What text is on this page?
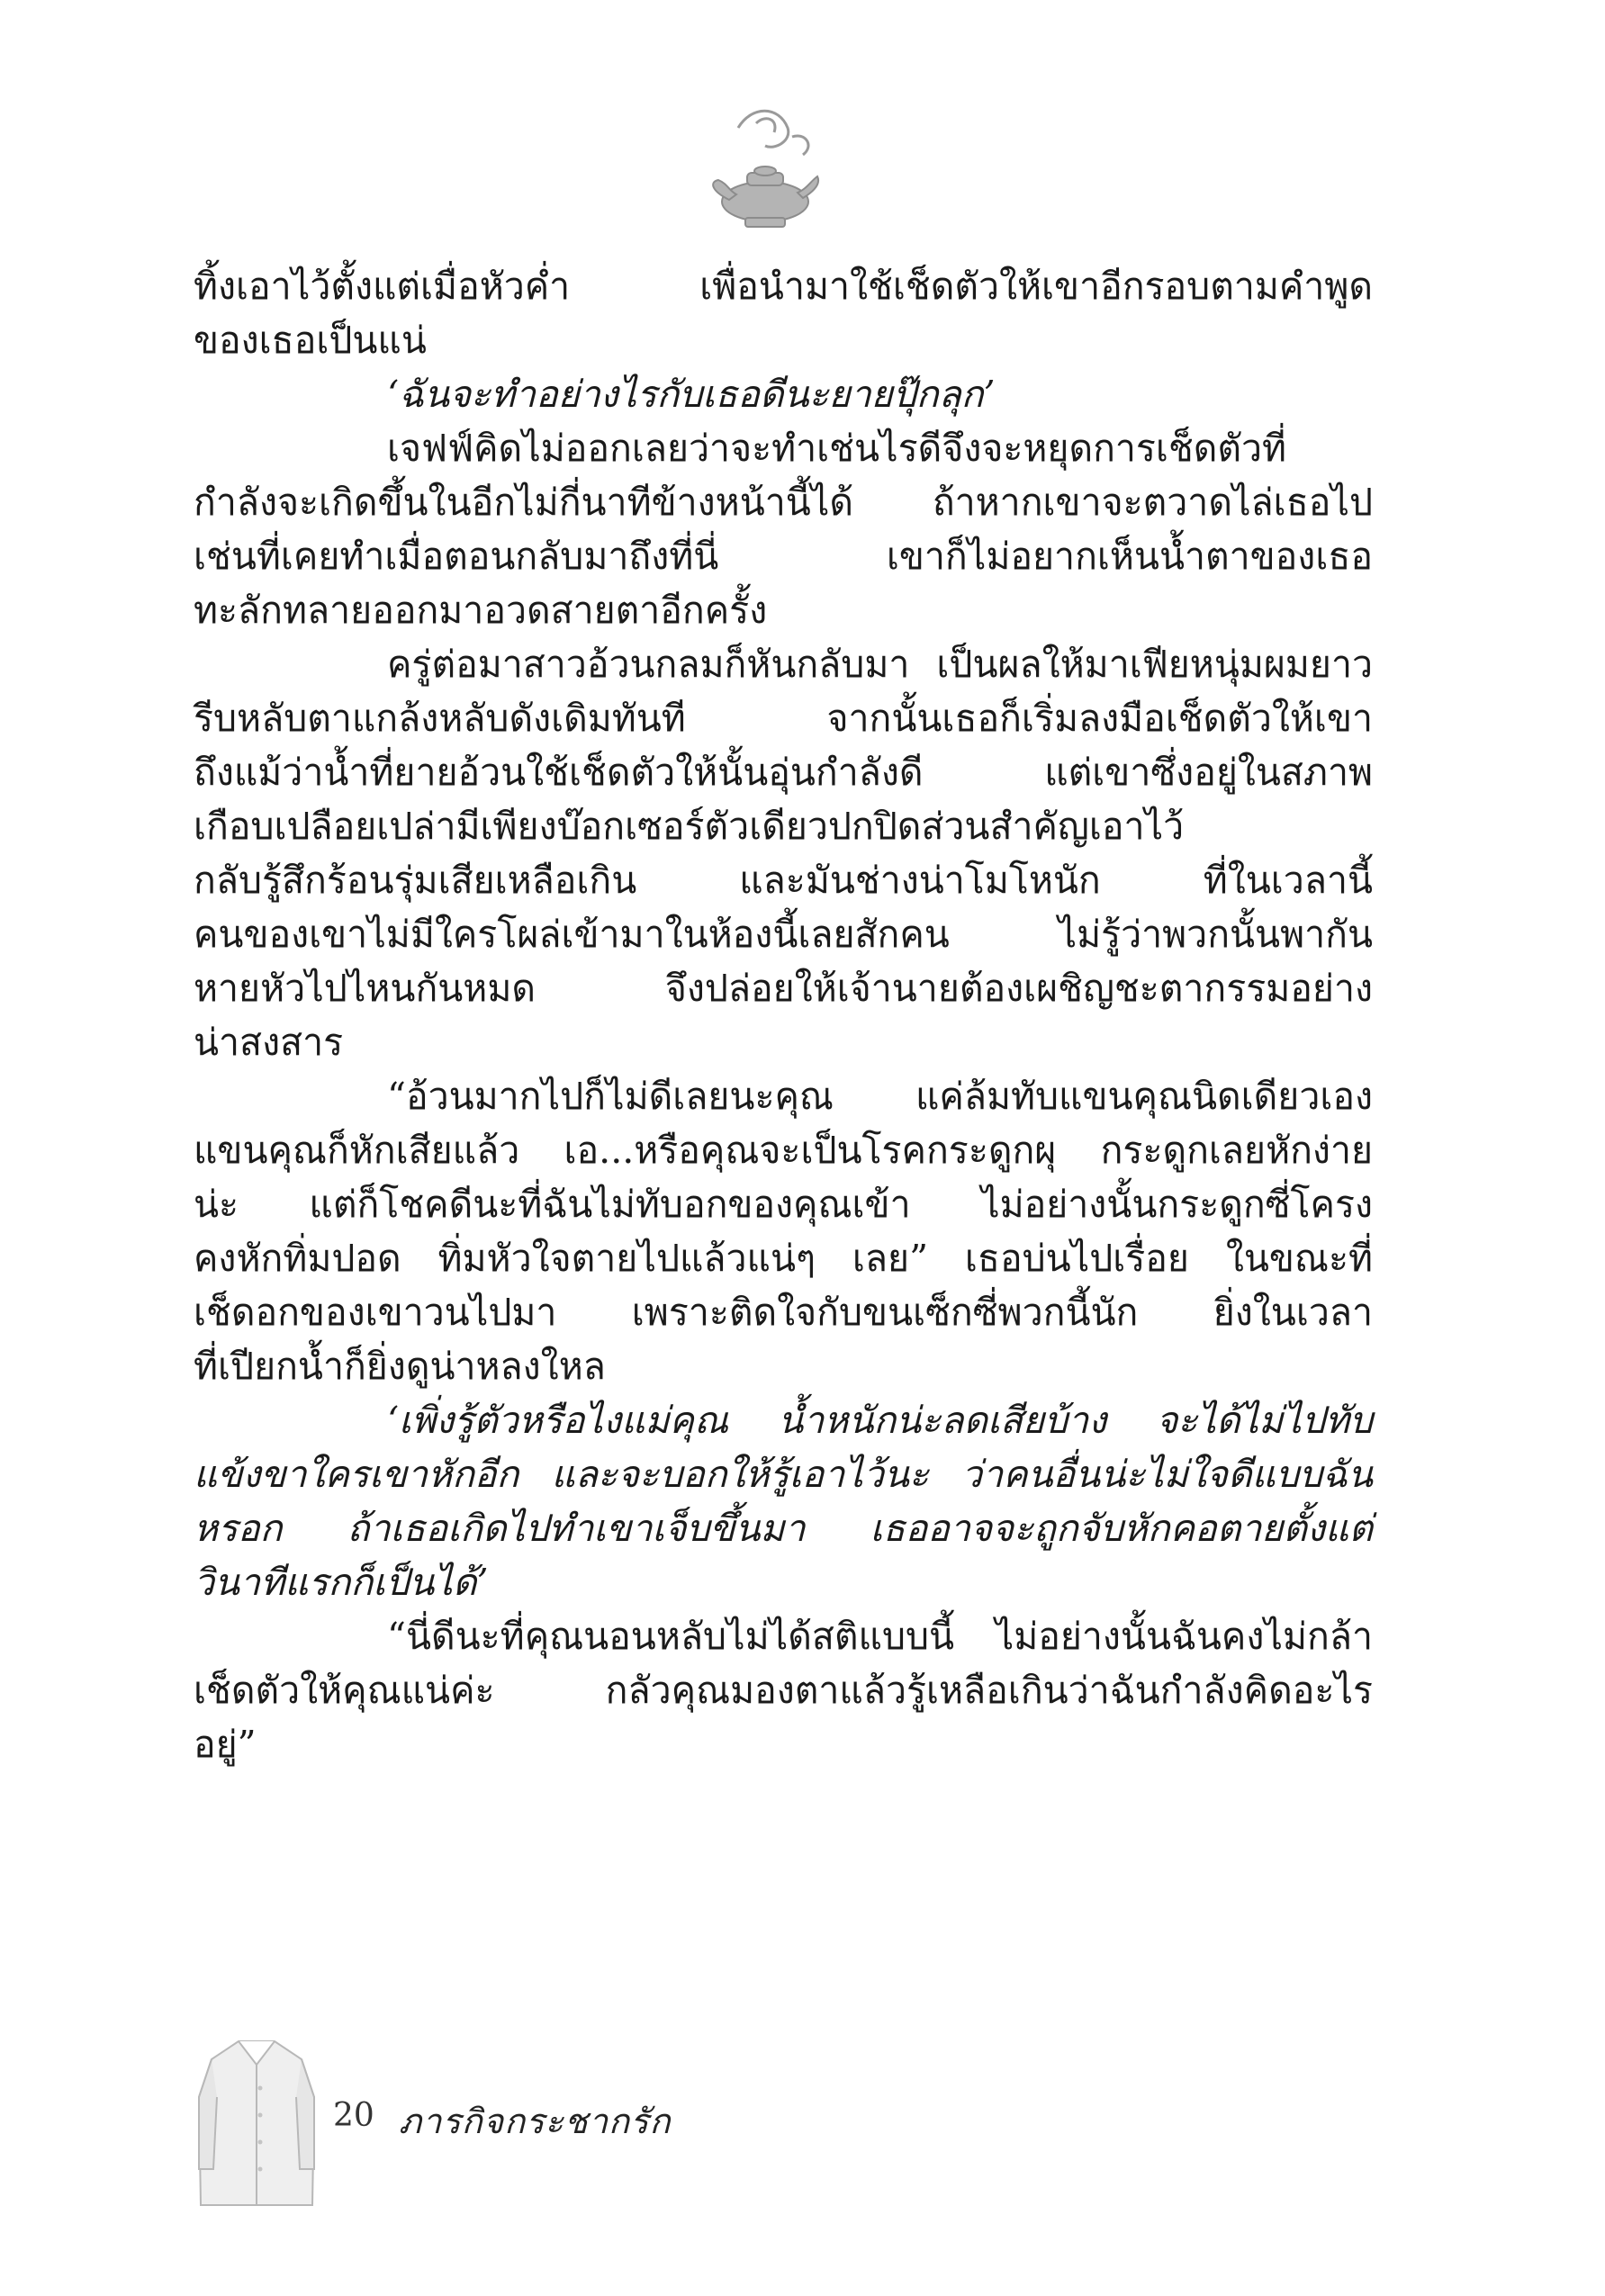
ทิ้งเอาไว้ตั้งแต่เมื่อหัวค่ำ เพื่อนำมาใช้เช็ดตัวให้เขาอีกรอบตามคำพูด
ของเธอเป็นแน่
‘ฉันจะทำอย่างไรกับเธอดีนะยายปุ๊กลุก’
เจฟฟ์คิดไม่ออกเลยว่าจะทำเช่นไรดีจึงจะหยุดการเช็ดตัวที่
กำลังจะเกิดขึ้นในอีกไม่กี่นาทีข้างหน้านี้ได้ ถ้าหากเขาจะตวาดไล่เธอไป
เช่นที่เคยทำเมื่อตอนกลับมาถึงที่นี่ เขาก็ไม่อยากเห็นน้ำตาของเธอ
ทะลักทลายออกมาอวดสายตาอีกครั้ง
ครู่ต่อมาสาวอ้วนกลมก็หันกลับมา เป็นผลให้มาเฟียหนุ่มผมยาว
รีบหลับตาแกล้งหลับดังเดิมทันที จากนั้นเธอก็เริ่มลงมือเช็ดตัวให้เขา
ถึงแม้ว่าน้ำที่ยายอ้วนใช้เช็ดตัวให้นั้นอุ่นกำลังดี แต่เขาซึ่งอยู่ในสภาพ
เกือบเปลือยเปล่ามีเพียงบ๊อกเซอร์ตัวเดียวปกปิดส่วนสำคัญเอาไว้
กลับรู้สึกร้อนรุ่มเสียเหลือเกิน และมันช่างน่าโมโหนัก ที่ในเวลานี้
คนของเขาไม่มีใครโผล่เข้ามาในห้องนี้เลยสักคน ไม่รู้ว่าพวกนั้นพากัน
หายหัวไปไหนกันหมด จึงปล่อยให้เจ้านายต้องเผชิญชะตากรรมอย่าง
น่าสงสาร
“อ้วนมากไปก็ไม่ดีเลยนะคุณ แค่ล้มทับแขนคุณนิดเดียวเอง
แขนคุณก็หักเสียแล้ว เอ...หรือคุณจะเป็นโรคกระดูกผุ กระดูกเลยหักง่าย
น่ะ แต่ก็โชคดีนะที่ฉันไม่ทับอกของคุณเข้า ไม่อย่างนั้นกระดูกซี่โครง
คงหักทิ่มปอด ทิ่มหัวใจตายไปแล้วแน่ๆ เลย” เธอบ่นไปเรื่อย ในขณะที่
เช็ดอกของเขาวนไปมา เพราะติดใจกับขนเซ็กซี่พวกนี้นัก ยิ่งในเวลา
ที่เปียกน้ำก็ยิ่งดูน่าหลงใหล
‘เพิ่งรู้ตัวหรือไงแม่คุณ น้ำหนักน่ะลดเสียบ้าง จะได้ไม่ไปทับ
แข้งขาใครเขาหักอีก และจะบอกให้รู้เอาไว้นะ ว่าคนอื่นน่ะไม่ใจดีแบบฉัน
หรอก ถ้าเธอเกิดไปทำเขาเจ็บขึ้นมา เธออาจจะถูกจับหักคอตายตั้งแต่
วินาทีแรกก็เป็นได้’
“นี่ดีนะที่คุณนอนหลับไม่ได้สติแบบนี้ ไม่อย่างนั้นฉันคงไม่กล้า
เช็ดตัวให้คุณแน่ค่ะ กลัวคุณมองตาแล้วรู้เหลือเกินว่าฉันกำลังคิดอะไร
อยู่”
20 ภารกิจกระชากรัก
